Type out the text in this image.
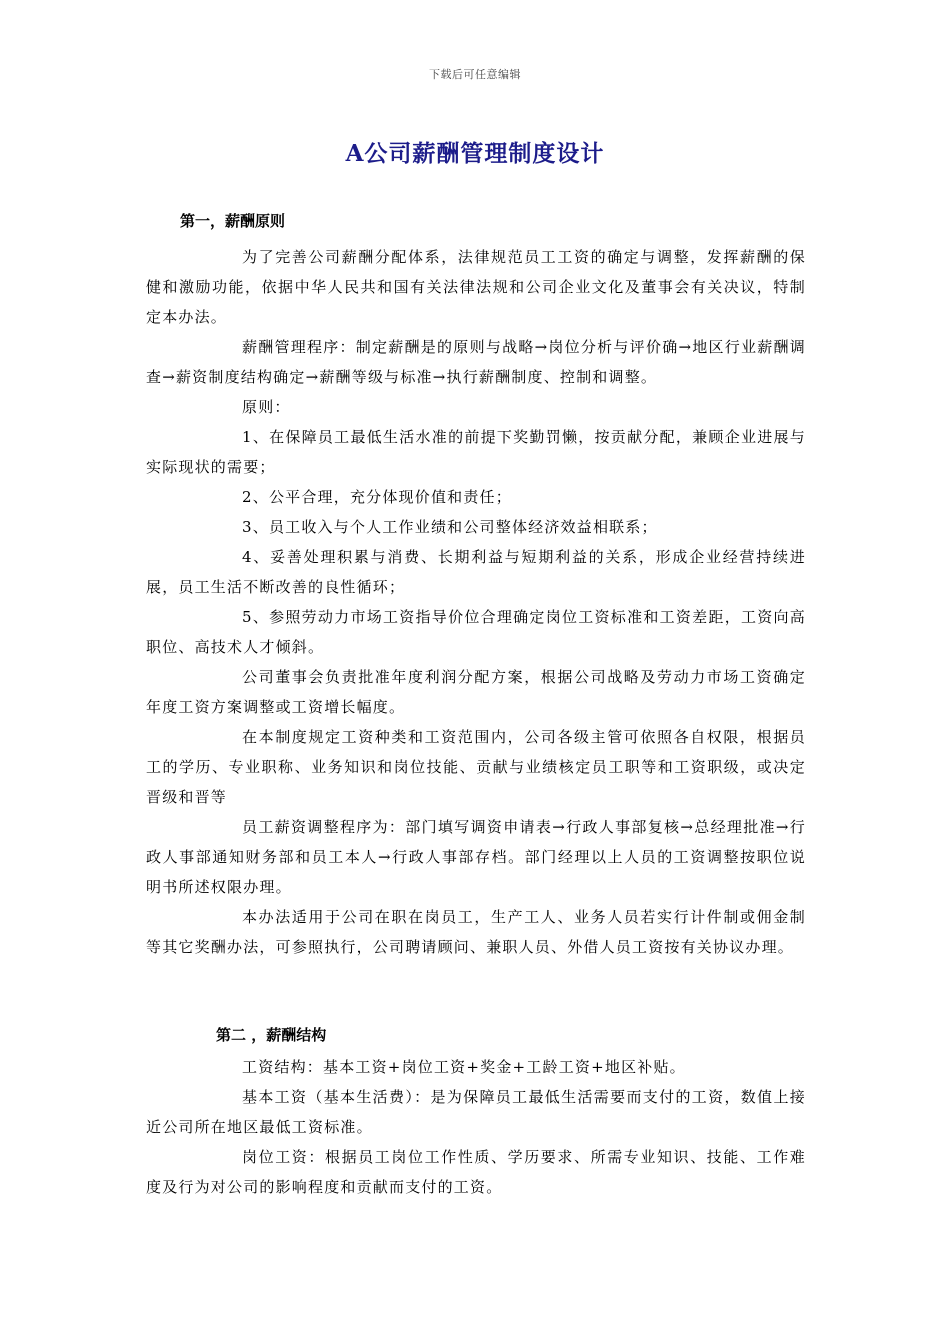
下载后可任意编辑
A公司薪酬管理制度设计
第一，薪酬原则

为了完善公司薪酬分配体系，法律规范员工工资的确定与调整，发挥薪酬的保健和激励功能，依据中华人民共和国有关法律法规和公司企业文化及董事会有关决议，特制定本办法。

薪酬管理程序：制定薪酬是的原则与战略→岗位分析与评价确→地区行业薪酬调查→薪资制度结构确定→薪酬等级与标准→执行薪酬制度、控制和调整。

原则：

1、在保障员工最低生活水准的前提下奖勤罚懒，按贡献分配，兼顾企业进展与实际现状的需要；

2、公平合理，充分体现价值和责任；

3、员工收入与个人工作业绩和公司整体经济效益相联系；

4、妥善处理积累与消费、长期利益与短期利益的关系，形成企业经营持续进展，员工生活不断改善的良性循环；

5、参照劳动力市场工资指导价位合理确定岗位工资标准和工资差距，工资向高职位、高技术人才倾斜。

公司董事会负责批准年度利润分配方案，根据公司战略及劳动力市场工资确定年度工资方案调整或工资增长幅度。

在本制度规定工资种类和工资范围内，公司各级主管可依照各自权限，根据员工的学历、专业职称、业务知识和岗位技能、贡献与业绩核定员工职等和工资职级，或决定晋级和晋等

员工薪资调整程序为：部门填写调资申请表→行政人事部复核→总经理批准→行政人事部通知财务部和员工本人→行政人事部存档。部门经理以上人员的工资调整按职位说明书所述权限办理。

本办法适用于公司在职在岗员工，生产工人、业务人员若实行计件制或佣金制等其它奖酬办法，可参照执行，公司聘请顾问、兼职人员、外借人员工资按有关协议办理。

第二 ，薪酬结构

工资结构：基本工资+岗位工资+奖金+工龄工资+地区补贴。

基本工资（基本生活费）：是为保障员工最低生活需要而支付的工资，数值上接近公司所在地区最低工资标准。

岗位工资：根据员工岗位工作性质、学历要求、所需专业知识、技能、工作难度及行为对公司的影响程度和贡献而支付的工资。
